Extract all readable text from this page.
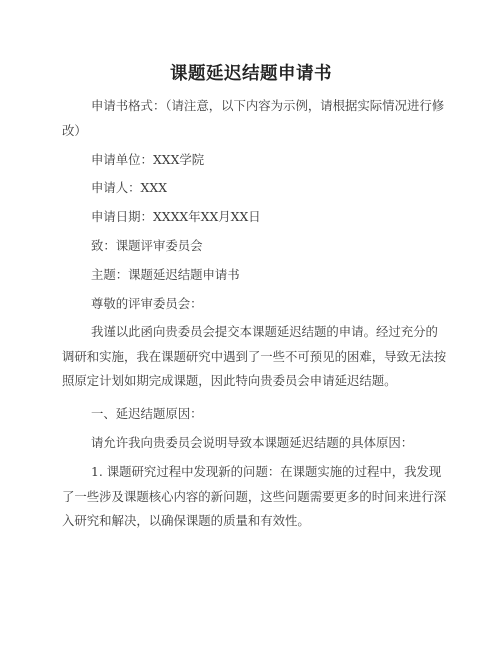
课题延迟结题申请书

申请书格式：（请注意，以下内容为示例，请根据实际情况进行修改）

申请单位：XXX学院

申请人：XXX

申请日期：XXXX年XX月XX日

致：课题评审委员会

主题：课题延迟结题申请书

尊敬的评审委员会：

我谨以此函向贵委员会提交本课题延迟结题的申请。经过充分的调研和实施，我在课题研究中遇到了一些不可预见的困难，导致无法按照原定计划如期完成课题，因此特向贵委员会申请延迟结题。

一、延迟结题原因：

请允许我向贵委员会说明导致本课题延迟结题的具体原因：

1. 课题研究过程中发现新的问题：在课题实施的过程中，我发现了一些涉及课题核心内容的新问题，这些问题需要更多的时间来进行深入研究和解决，以确保课题的质量和有效性。
